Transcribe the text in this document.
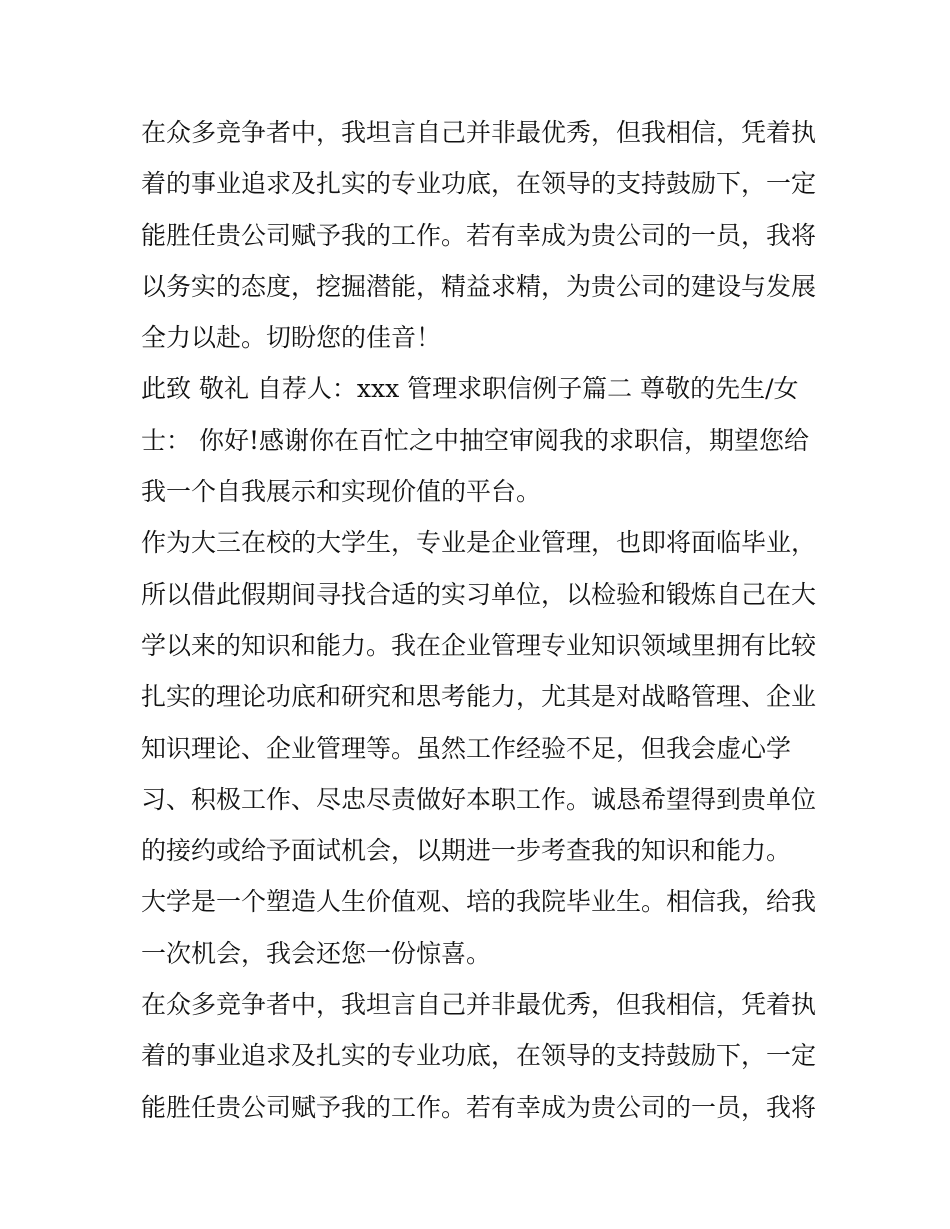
在众多竞争者中，我坦言自己并非最优秀，但我相信，凭着执
着的事业追求及扎实的专业功底，在领导的支持鼓励下，一定
能胜任贵公司赋予我的工作。若有幸成为贵公司的一员，我将
以务实的态度，挖掘潜能，精益求精，为贵公司的建设与发展
全力以赴。切盼您的佳音！
此致 敬礼 自荐人：xxx 管理求职信例子篇二 尊敬的先生/女
士： 你好!感谢你在百忙之中抽空审阅我的求职信，期望您给
我一个自我展示和实现价值的平台。
作为大三在校的大学生，专业是企业管理，也即将面临毕业，
所以借此假期间寻找合适的实习单位，以检验和锻炼自己在大
学以来的知识和能力。我在企业管理专业知识领域里拥有比较
扎实的理论功底和研究和思考能力，尤其是对战略管理、企业
知识理论、企业管理等。虽然工作经验不足，但我会虚心学
习、积极工作、尽忠尽责做好本职工作。诚恳希望得到贵单位
的接约或给予面试机会，以期进一步考查我的知识和能力。
大学是一个塑造人生价值观、培的我院毕业生。相信我，给我
一次机会，我会还您一份惊喜。
在众多竞争者中，我坦言自己并非最优秀，但我相信，凭着执
着的事业追求及扎实的专业功底，在领导的支持鼓励下，一定
能胜任贵公司赋予我的工作。若有幸成为贵公司的一员，我将
